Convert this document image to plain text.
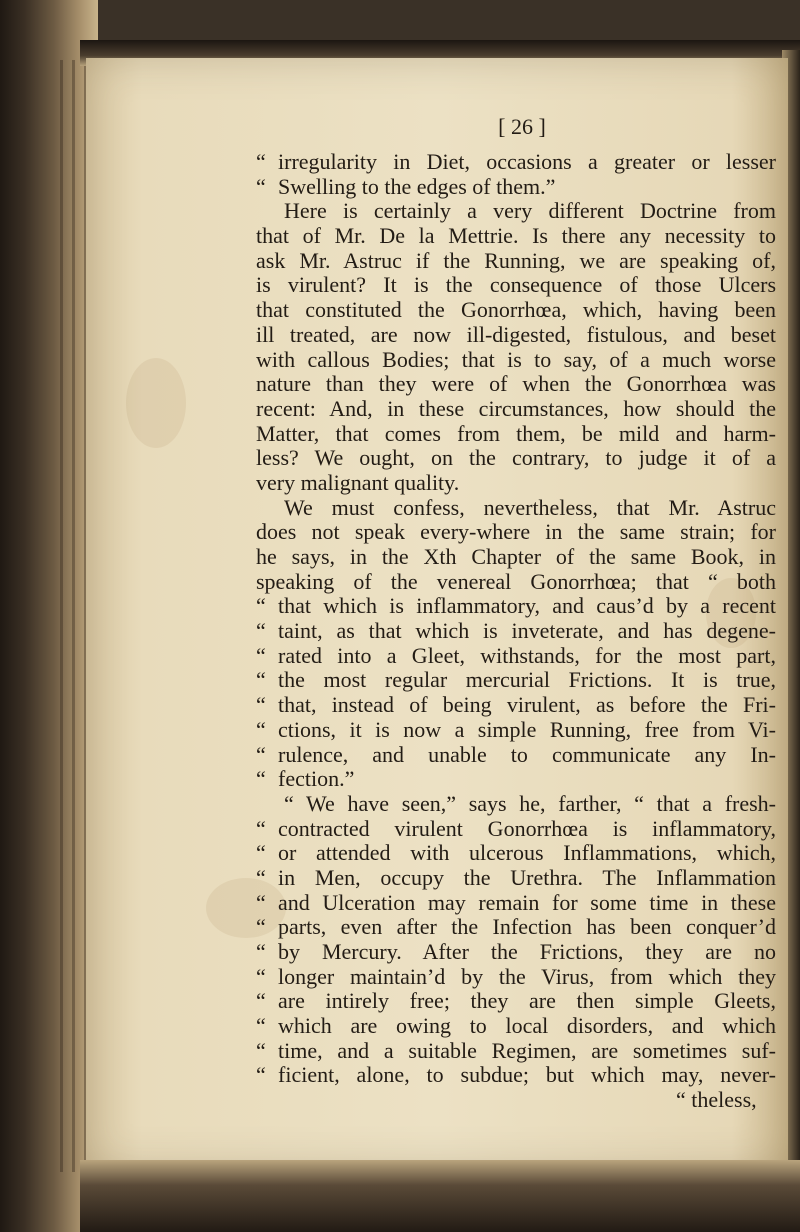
[ 26 ]
“ irregularity in Diet, occasions a greater or lesser
“ Swelling to the edges of them.”
Here is certainly a very different Doctrine from
that of Mr. De la Mettrie. Is there any necessity to
ask Mr. Astruc if the Running, we are speaking of,
is virulent? It is the consequence of those Ulcers
that constituted the Gonorrhœa, which, having been
ill treated, are now ill-digested, fistulous, and beset
with callous Bodies; that is to say, of a much worse
nature than they were of when the Gonorrhœa was
recent: And, in these circumstances, how should the
Matter, that comes from them, be mild and harm-
less? We ought, on the contrary, to judge it of a
very malignant quality.
We must confess, nevertheless, that Mr. Astruc
does not speak every-where in the same strain; for
he says, in the Xth Chapter of the same Book, in
speaking of the venereal Gonorrhœa; that “ both
“ that which is inflammatory, and caus’d by a recent
“ taint, as that which is inveterate, and has degene-
“ rated into a Gleet, withstands, for the most part,
“ the most regular mercurial Frictions. It is true,
“ that, instead of being virulent, as before the Fri-
“ ctions, it is now a simple Running, free from Vi-
“ rulence, and unable to communicate any In-
“ fection.”
“ We have seen,” says he, farther, “ that a fresh-
“ contracted virulent Gonorrhœa is inflammatory,
“ or attended with ulcerous Inflammations, which,
“ in Men, occupy the Urethra. The Inflammation
“ and Ulceration may remain for some time in these
“ parts, even after the Infection has been conquer’d
“ by Mercury. After the Frictions, they are no
“ longer maintain’d by the Virus, from which they
“ are intirely free; they are then simple Gleets,
“ which are owing to local disorders, and which
“ time, and a suitable Regimen, are sometimes suf-
“ ficient, alone, to subdue; but which may, never-
“ theless,
